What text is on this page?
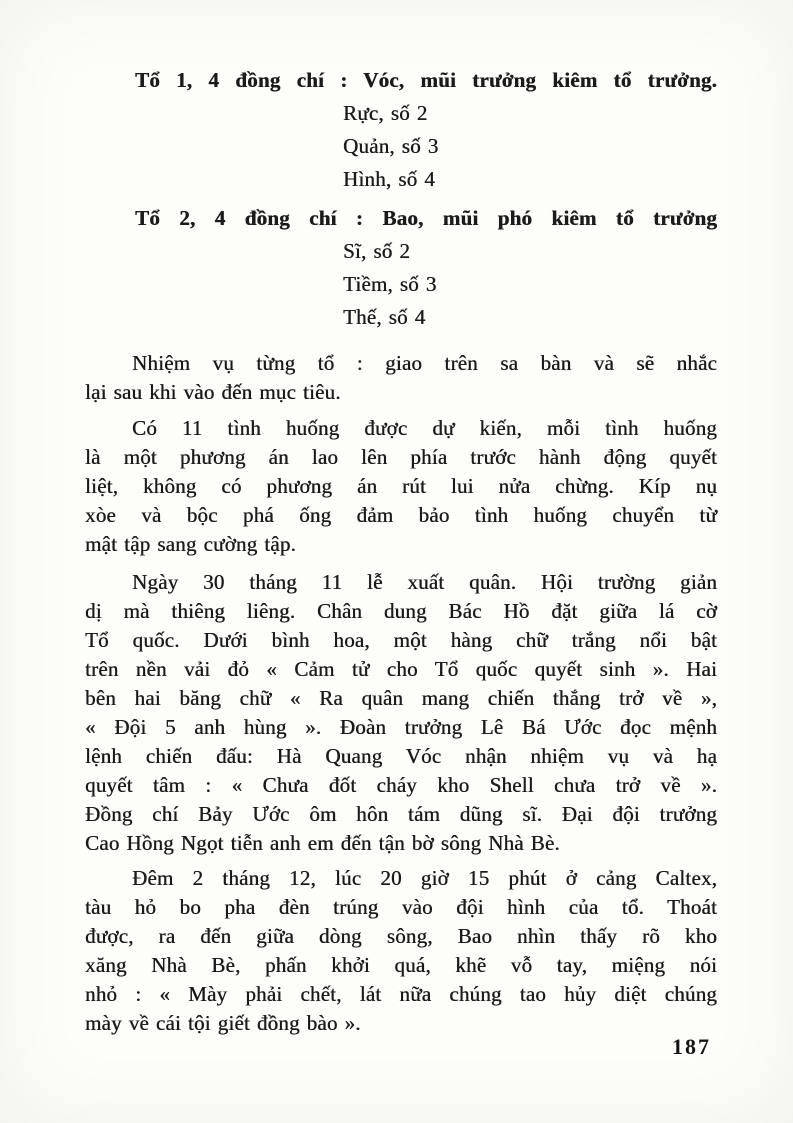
Tổ 1, 4 đồng chí : Vóc, mũi trưởng kiêm tổ trưởng.
Rực, số 2
Quản, số 3
Hình, số 4
Tổ 2, 4 đồng chí : Bao, mũi phó kiêm tổ trưởng
Sĩ, số 2
Tiềm, số 3
Thế, số 4
Nhiệm vụ từng tổ : giao trên sa bàn và sẽ nhắc
lại sau khi vào đến mục tiêu.
Có 11 tình huống được dự kiến, mỗi tình huống
là một phương án lao lên phía trước hành động quyết
liệt, không có phương án rút lui nửa chừng. Kíp nụ
xòe và bộc phá ống đảm bảo tình huống chuyển từ
mật tập sang cường tập.
Ngày 30 tháng 11 lễ xuất quân. Hội trường giản
dị mà thiêng liêng. Chân dung Bác Hồ đặt giữa lá cờ
Tổ quốc. Dưới bình hoa, một hàng chữ trắng nổi bật
trên nền vải đỏ « Cảm tử cho Tổ quốc quyết sinh ». Hai
bên hai băng chữ « Ra quân mang chiến thắng trở về »,
« Đội 5 anh hùng ». Đoàn trưởng Lê Bá Ước đọc mệnh
lệnh chiến đấu: Hà Quang Vóc nhận nhiệm vụ và hạ
quyết tâm : « Chưa đốt cháy kho Shell chưa trở về ».
Đồng chí Bảy Ước ôm hôn tám dũng sĩ. Đại đội trưởng
Cao Hồng Ngọt tiễn anh em đến tận bờ sông Nhà Bè.
Đêm 2 tháng 12, lúc 20 giờ 15 phút ở cảng Caltex,
tàu hỏ bo pha đèn trúng vào đội hình của tổ. Thoát
được, ra đến giữa dòng sông, Bao nhìn thấy rõ kho
xăng Nhà Bè, phấn khởi quá, khẽ vỗ tay, miệng nói
nhỏ : « Mày phải chết, lát nữa chúng tao hủy diệt chúng
mày về cái tội giết đồng bào ».
187
